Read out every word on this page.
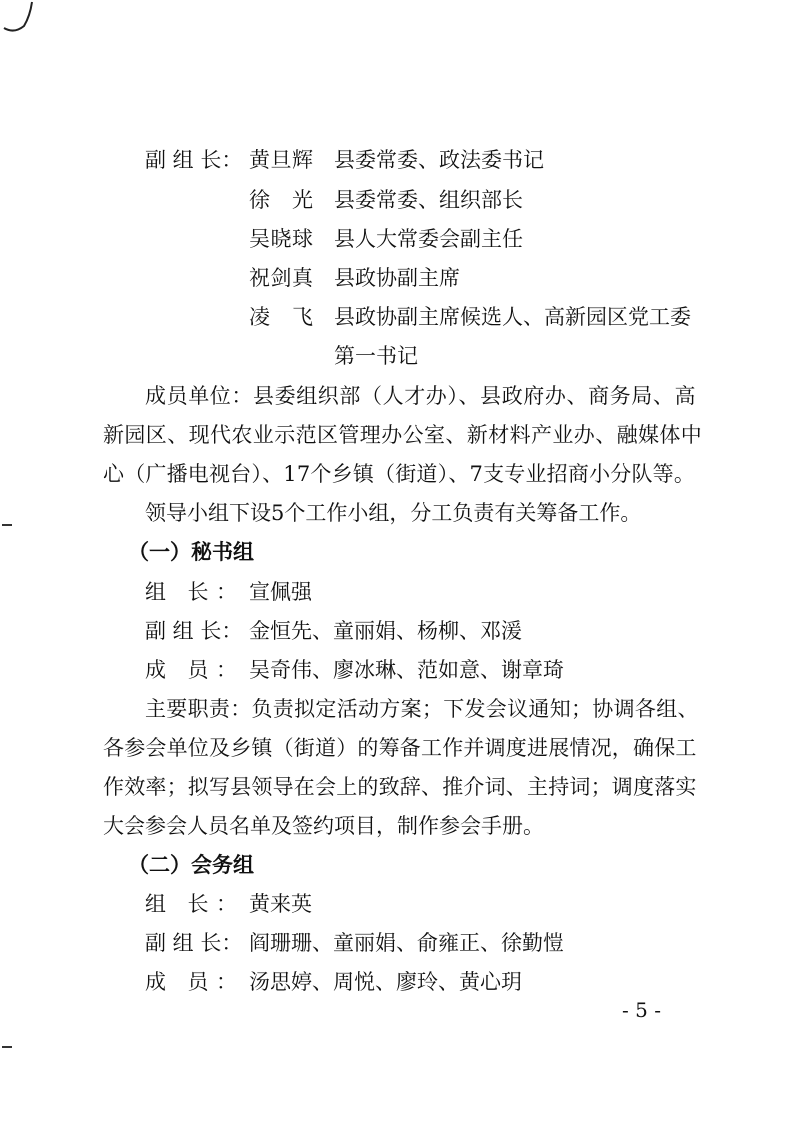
副 组 长： 黄旦辉 县委常委、政法委书记
徐光 县委常委、组织部长
吴晓球 县人大常委会副主任
祝剑真 县政协副主席
凌飞 县政协副主席候选人、高新园区党工委
第一书记
成员单位：县委组织部（人才办）、县政府办、商务局、高
新园区、现代农业示范区管理办公室、新材料产业办、融媒体中
心（广播电视台）、17个乡镇（街道）、7支专业招商小分队等。
领导小组下设5个工作小组，分工负责有关筹备工作。
（一）秘书组
组 长： 宣佩强
副 组 长： 金恒先、童丽娟、杨柳、邓湲
成 员： 吴奇伟、廖冰琳、范如意、谢章琦
主要职责：负责拟定活动方案；下发会议通知；协调各组、
各参会单位及乡镇（街道）的筹备工作并调度进展情况，确保工
作效率；拟写县领导在会上的致辞、推介词、主持词；调度落实
大会参会人员名单及签约项目，制作参会手册。
（二）会务组
组 长： 黄来英
副 组 长： 阎珊珊、童丽娟、俞雍正、徐勤愷
成 员： 汤思婷、周悦、廖玲、黄心玥
- 5 -
